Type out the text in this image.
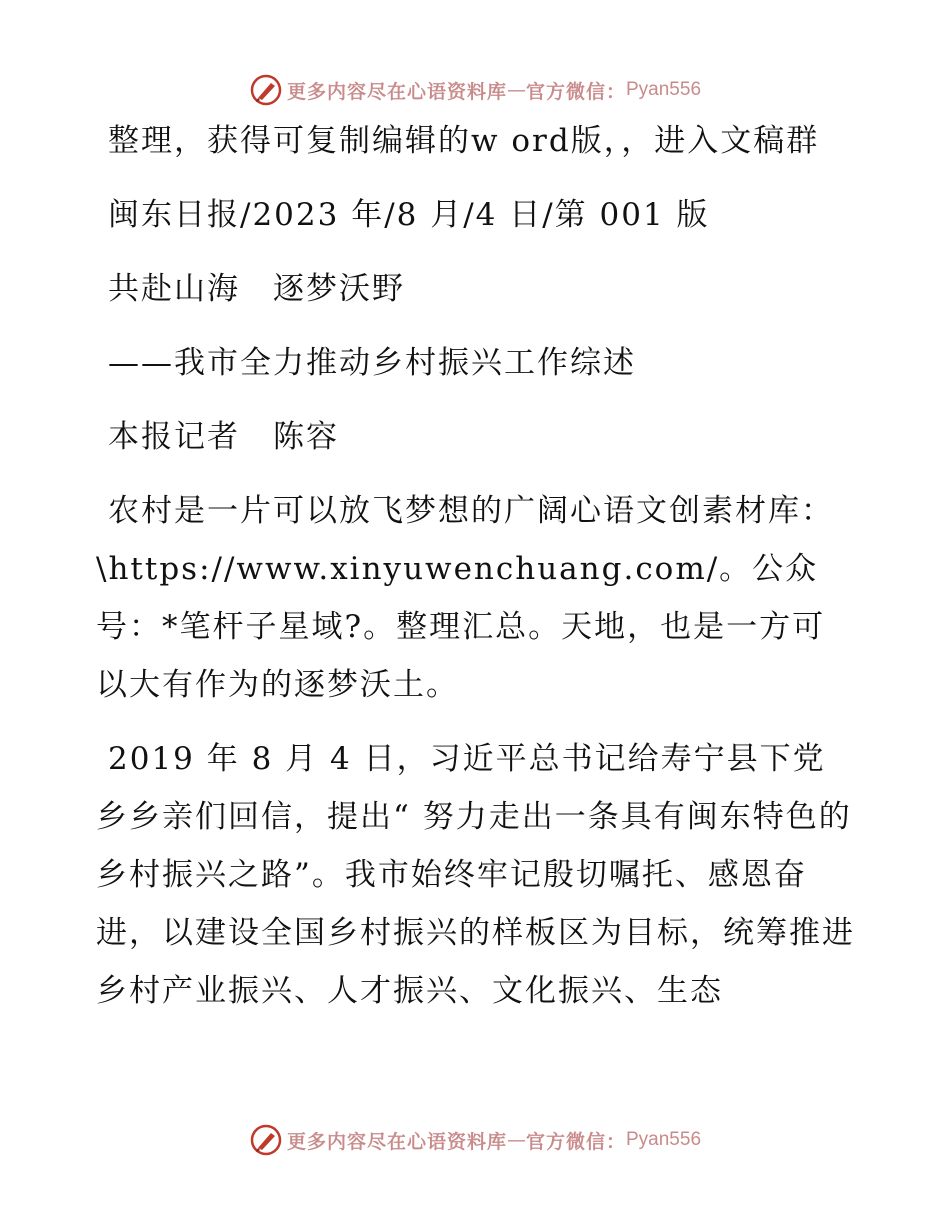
更多内容尽在心语资料库 — 官方微信： Pyan556

整理，获得可复制编辑的w ord版，，进入文稿群

闽东日报/2023 年/8 月/4 日/第 001 版

共赴山海　逐梦沃野

——我市全力推动乡村振兴工作综述

本报记者　陈容

农村是一片可以放飞梦想的广阔心语文创素材库：\https://www.xinyuwenchuang.com/。公众号：*笔杆子星域?。整理汇总。天地，也是一方可以大有作为的逐梦沃土。

2019 年 8 月 4 日，习近平总书记给寿宁县下党乡乡亲们回信，提出“ 努力走出一条具有闽东特色的乡村振兴之路”。我市始终牢记殷切嘱托、感恩奋进，以建设全国乡村振兴的样板区为目标，统筹推进乡村产业振兴、人才振兴、文化振兴、生态

更多内容尽在心语资料库 — 官方微信： Pyan556
